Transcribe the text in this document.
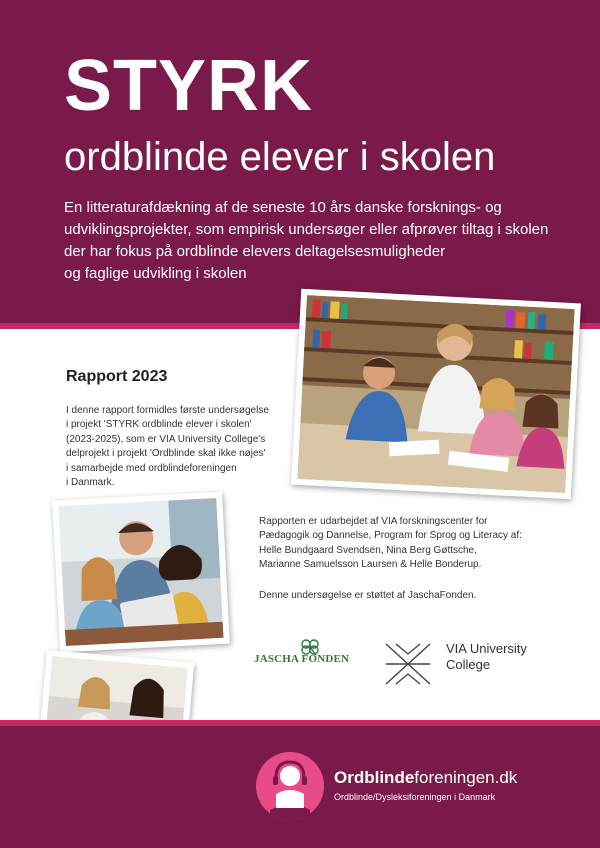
STYRK
ordblinde elever i skolen

En litteraturafdækning af de seneste 10 års danske forsknings- og
udviklingsprojekter, som empirisk undersøger eller afprøver tiltag i skolen
der har fokus på ordblinde elevers deltagelsesmuligheder
og faglige udvikling i skolen

Rapport 2023

I denne rapport formidles første undersøgelse
i projekt 'STYRK ordblinde elever i skolen'
(2023-2025), som er VIA University College's
delprojekt i projekt 'Ordblinde skal ikke nøjes'
i samarbejde med ordblindeforeningen
i Danmark.

Rapporten er udarbejdet af VIA forskningscenter for
Pædagogik og Dannelse, Program for Sprog og Literacy af:
Helle Bundgaard Svendsen, Nina Berg Gøttsche,
Marianne Samuelsson Laursen & Helle Bonderup.

Denne undersøgelse er støttet af JaschaFonden.

JASCHA FONDEN
VIA University
College
Ordblindeforeningen.dk
Ordblinde/Dysleksiforeningen i Danmark
